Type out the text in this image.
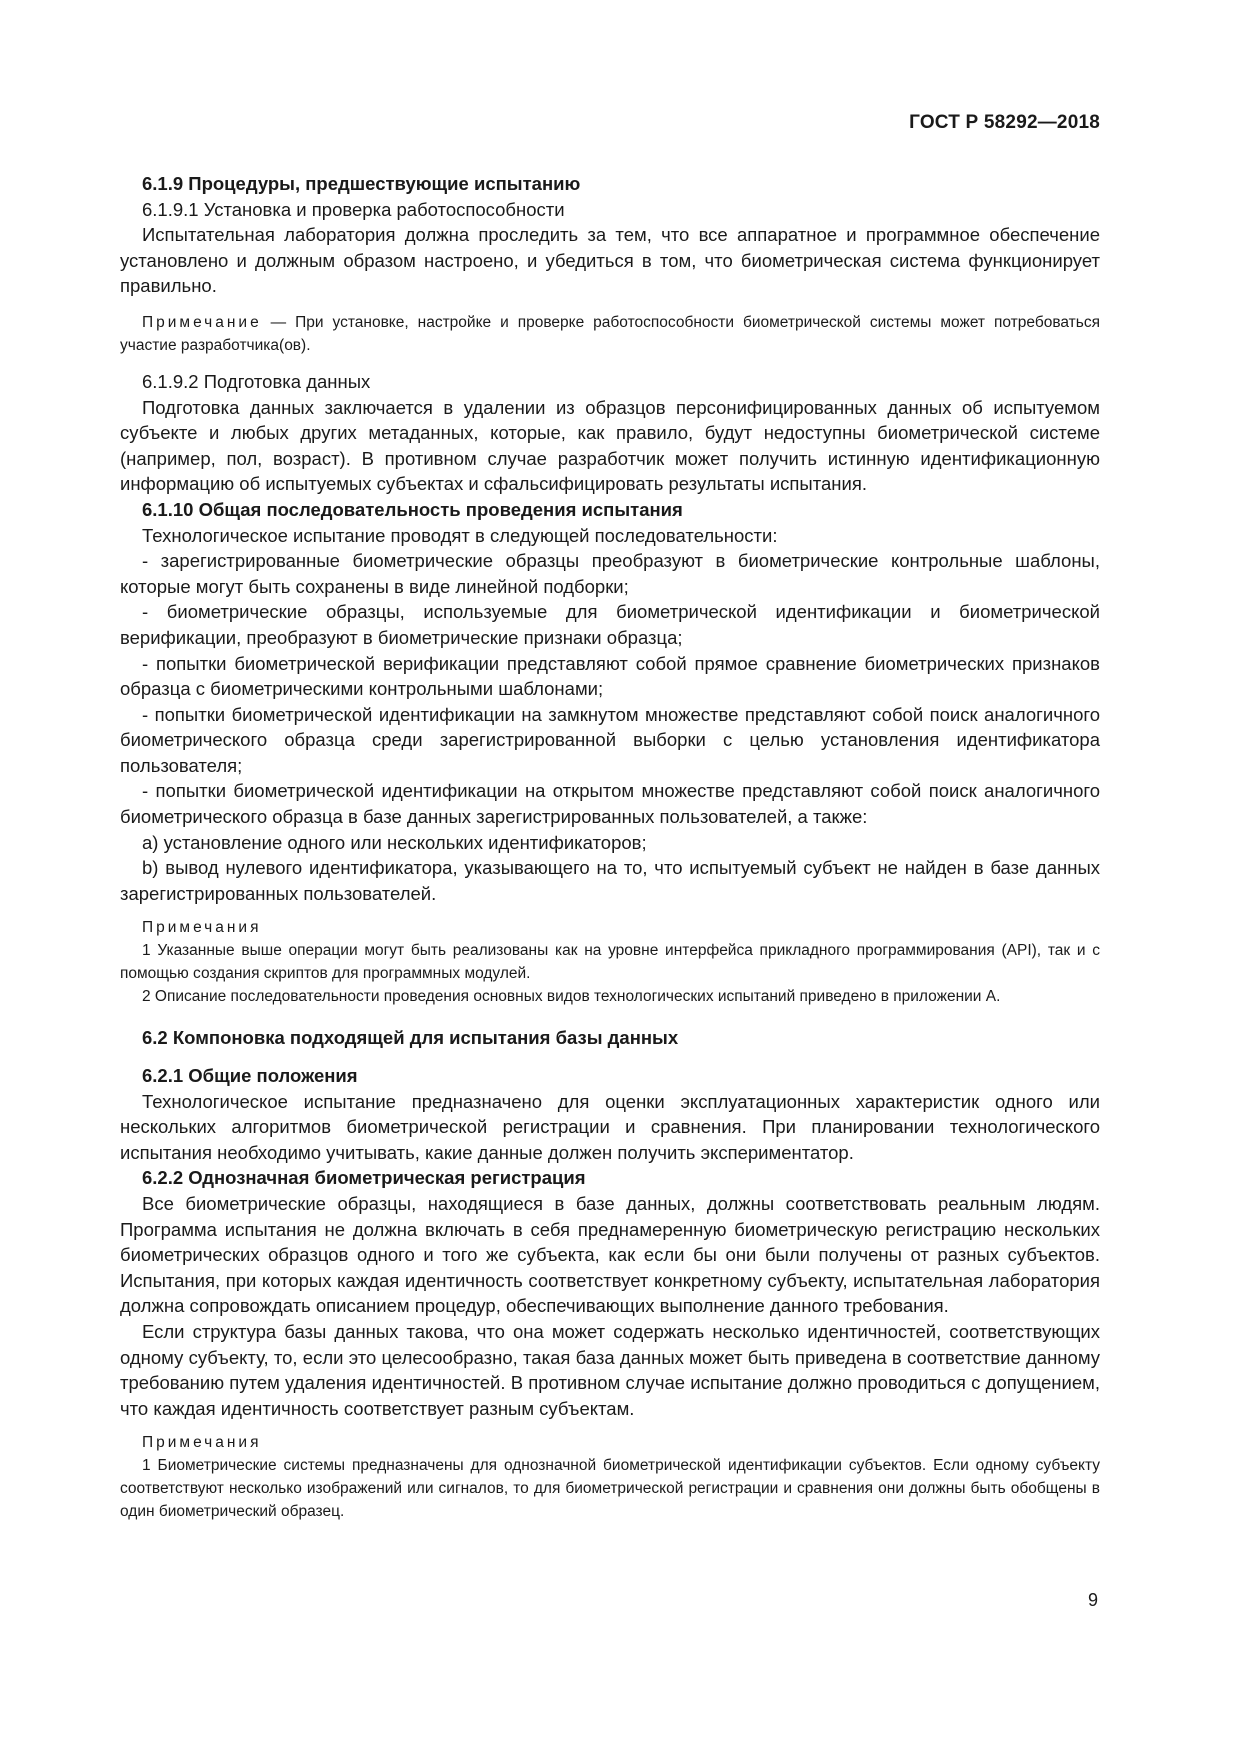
ГОСТ Р 58292—2018

6.1.9 Процедуры, предшествующие испытанию

6.1.9.1 Установка и проверка работоспособности

Испытательная лаборатория должна проследить за тем, что все аппаратное и программное обеспечение установлено и должным образом настроено, и убедиться в том, что биометрическая система функционирует правильно.

Примечание — При установке, настройке и проверке работоспособности биометрической системы может потребоваться участие разработчика(ов).

6.1.9.2 Подготовка данных

Подготовка данных заключается в удалении из образцов персонифицированных данных об испытуемом субъекте и любых других метаданных, которые, как правило, будут недоступны биометрической системе (например, пол, возраст). В противном случае разработчик может получить истинную идентификационную информацию об испытуемых субъектах и сфальсифицировать результаты испытания.

6.1.10 Общая последовательность проведения испытания

Технологическое испытание проводят в следующей последовательности:

- зарегистрированные биометрические образцы преобразуют в биометрические контрольные шаблоны, которые могут быть сохранены в виде линейной подборки;

- биометрические образцы, используемые для биометрической идентификации и биометрической верификации, преобразуют в биометрические признаки образца;

- попытки биометрической верификации представляют собой прямое сравнение биометрических признаков образца с биометрическими контрольными шаблонами;

- попытки биометрической идентификации на замкнутом множестве представляют собой поиск аналогичного биометрического образца среди зарегистрированной выборки с целью установления идентификатора пользователя;

- попытки биометрической идентификации на открытом множестве представляют собой поиск аналогичного биометрического образца в базе данных зарегистрированных пользователей, а также:

a) установление одного или нескольких идентификаторов;

b) вывод нулевого идентификатора, указывающего на то, что испытуемый субъект не найден в базе данных зарегистрированных пользователей.

Примечания

1 Указанные выше операции могут быть реализованы как на уровне интерфейса прикладного программирования (API), так и с помощью создания скриптов для программных модулей.

2 Описание последовательности проведения основных видов технологических испытаний приведено в приложении А.

6.2 Компоновка подходящей для испытания базы данных

6.2.1 Общие положения

Технологическое испытание предназначено для оценки эксплуатационных характеристик одного или нескольких алгоритмов биометрической регистрации и сравнения. При планировании технологического испытания необходимо учитывать, какие данные должен получить экспериментатор.

6.2.2 Однозначная биометрическая регистрация

Все биометрические образцы, находящиеся в базе данных, должны соответствовать реальным людям. Программа испытания не должна включать в себя преднамеренную биометрическую регистрацию нескольких биометрических образцов одного и того же субъекта, как если бы они были получены от разных субъектов. Испытания, при которых каждая идентичность соответствует конкретному субъекту, испытательная лаборатория должна сопровождать описанием процедур, обеспечивающих выполнение данного требования.

Если структура базы данных такова, что она может содержать несколько идентичностей, соответствующих одному субъекту, то, если это целесообразно, такая база данных может быть приведена в соответствие данному требованию путем удаления идентичностей. В противном случае испытание должно проводиться с допущением, что каждая идентичность соответствует разным субъектам.

Примечания

1 Биометрические системы предназначены для однозначной биометрической идентификации субъектов. Если одному субъекту соответствуют несколько изображений или сигналов, то для биометрической регистрации и сравнения они должны быть обобщены в один биометрический образец.

9
